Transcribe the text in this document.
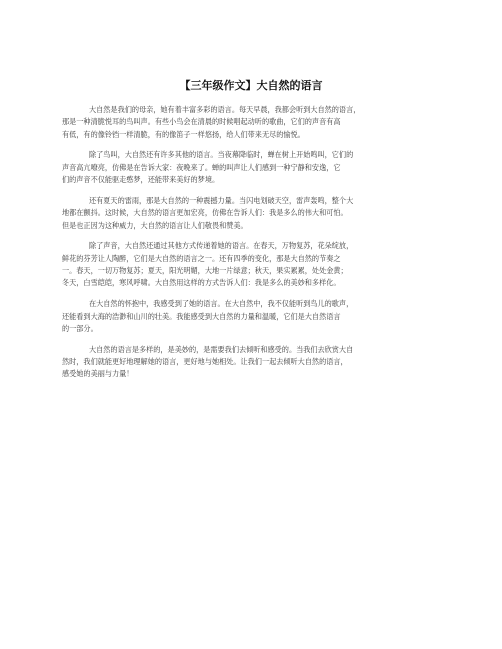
【三年级作文】大自然的语言
大自然是我们的母亲，她有着丰富多彩的语言。每天早晨，我都会听到大自然的语言，
那是一种清脆悦耳的鸟叫声。有些小鸟会在清晨的时候唱起动听的歌曲，它们的声音有高
有低，有的像铃铛一样清脆，有的像笛子一样悠扬，给人们带来无尽的愉悦。
除了鸟叫，大自然还有许多其他的语言。当夜幕降临时，蝉在树上开始鸣叫，它们的
声音高亢嘹亮，仿佛是在告诉大家：夜晚来了。蝉的叫声让人们感到一种宁静和安逸，它
们的声音不仅能驱走憨梦，还能带来美好的梦境。
还有夏天的雷雨，那是大自然的一种震撼力量。当闪电划破天空，雷声轰鸣，整个大
地都在颤抖。这时候，大自然的语言更加宏亮，仿佛在告诉人们：我是多么的伟大和可怕。
但是也正因为这种威力，大自然的语言让人们敬畏和赞美。
除了声音，大自然还通过其他方式传递着她的语言。在春天，万物复苏，花朵绽放，
鲜花的芬芳让人陶醉，它们是大自然的语言之一。还有四季的变化，那是大自然的节奏之
一。春天，一切万物复苏；夏天，阳光明媚，大地一片绿意；秋天，果实累累，处处金黄；
冬天，白雪皑皑，寒风呼啸。大自然用这样的方式告诉人们：我是多么的美妙和多样化。
在大自然的怀抱中，我感受到了她的语言。在大自然中，我不仅能听到鸟儿的歌声，
还能看到大海的浩渺和山川的壮美。我能感受到大自然的力量和温暖，它们是大自然语言
的一部分。
大自然的语言是多样的，是美妙的，是需要我们去倾听和感受的。当我们去欣赏大自
然时，我们就能更好地理解她的语言，更好地与她相处。让我们一起去倾听大自然的语言，
感受她的美丽与力量！
